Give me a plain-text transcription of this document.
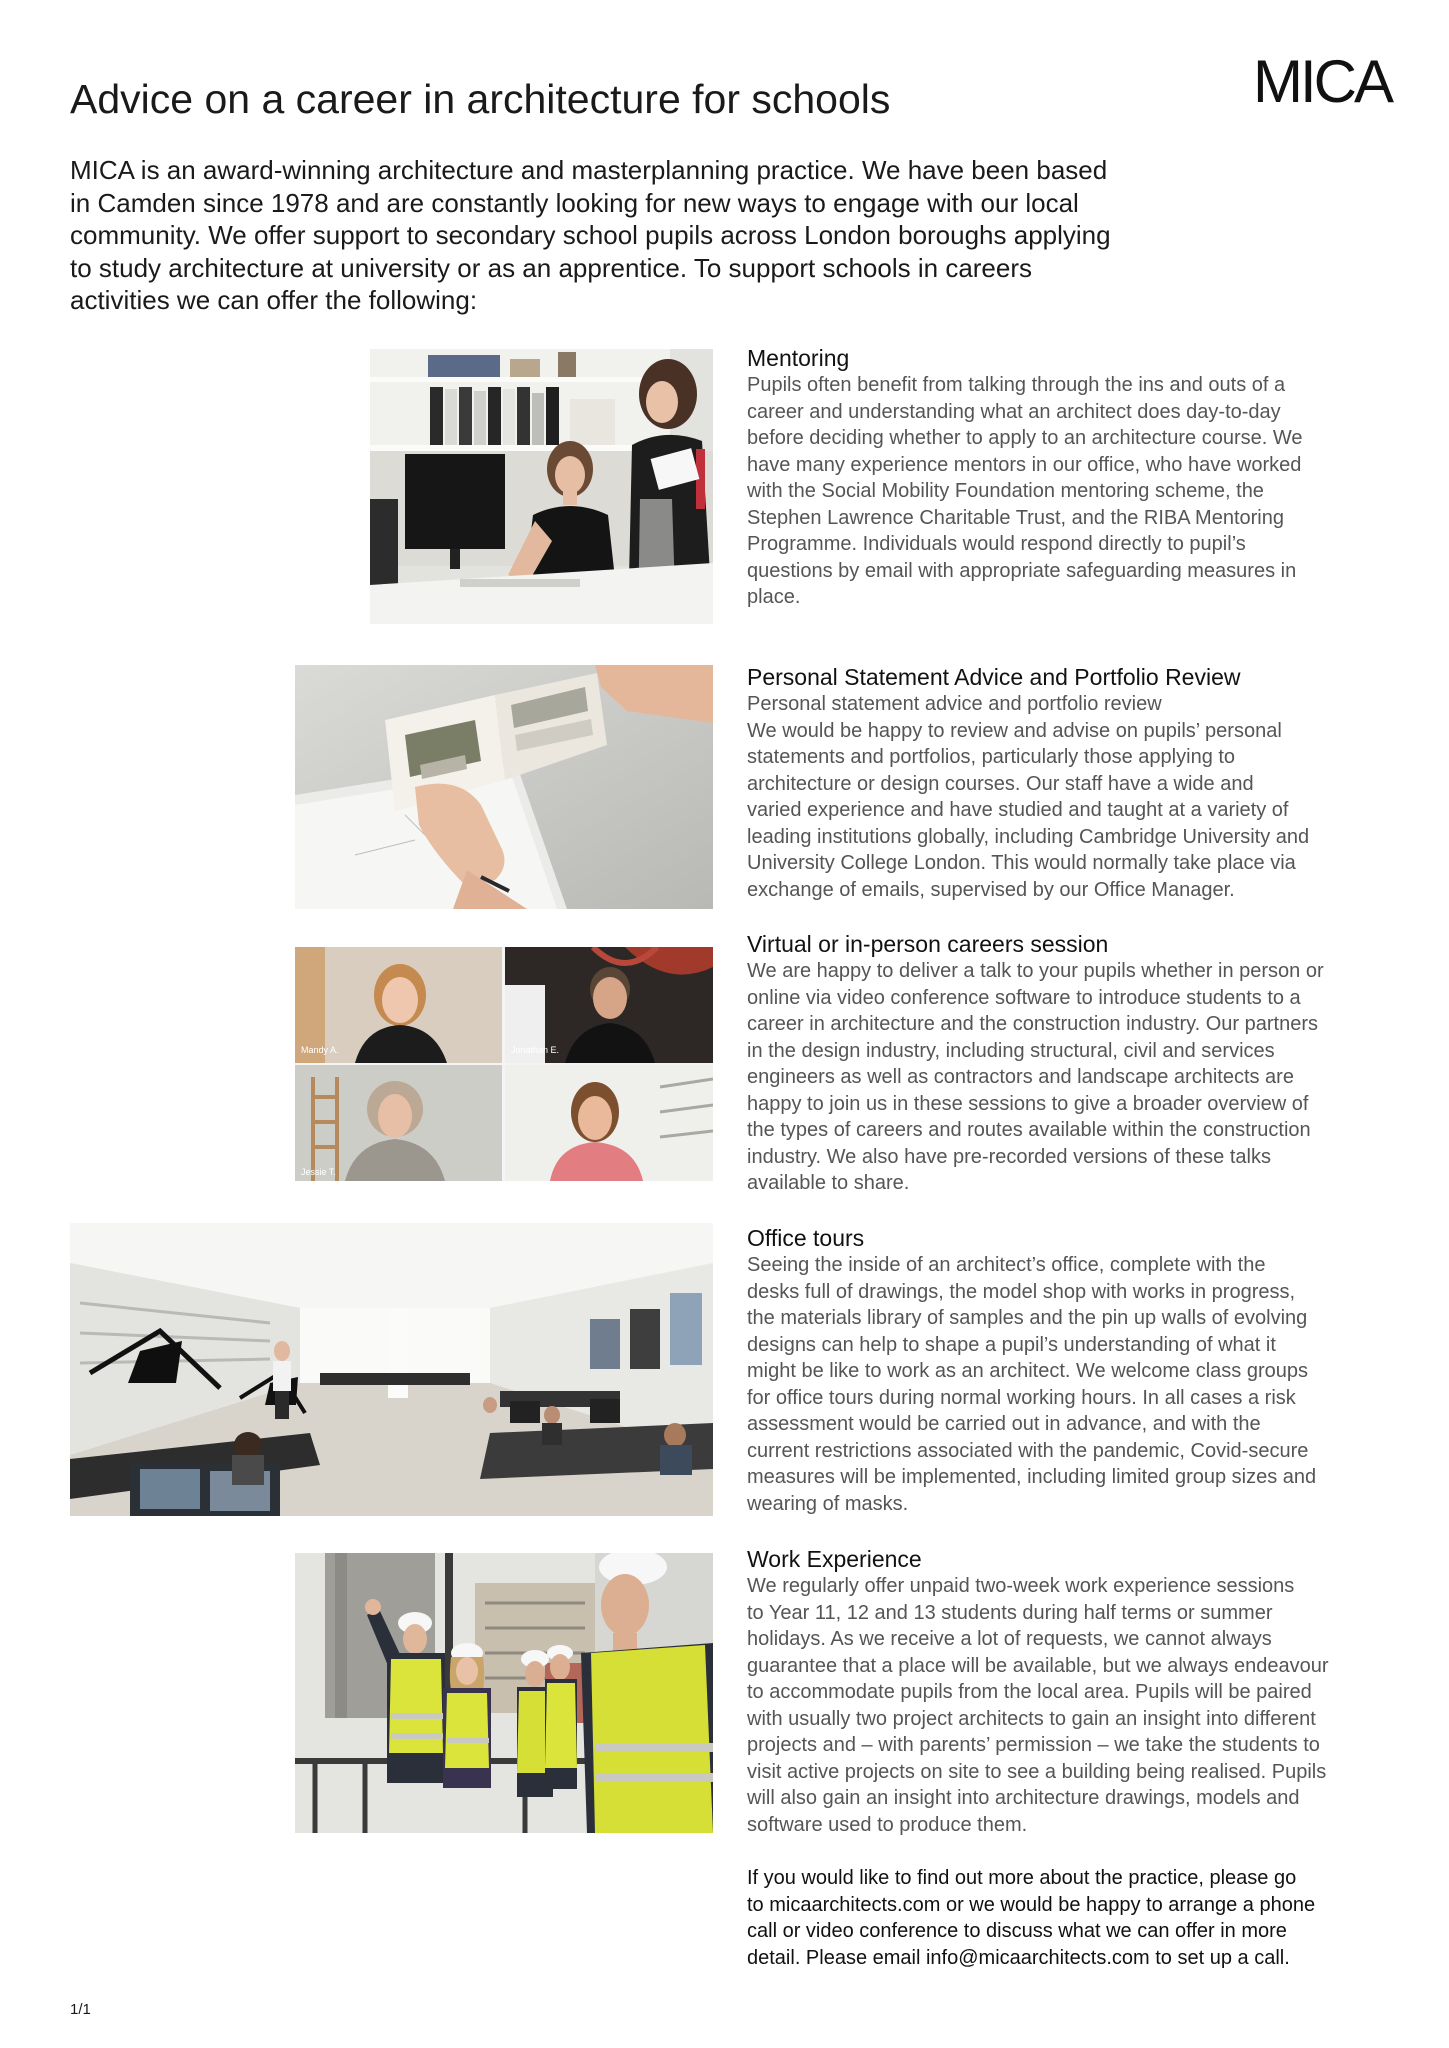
MICA
Advice on a career in architecture for schools
MICA is an award-winning architecture and masterplanning practice. We have been based
in Camden since 1978 and are constantly looking for new ways to engage with our local
community. We offer support to secondary school pupils across London boroughs applying
to study architecture at university or as an apprentice. To support schools in careers
activities we can offer the following:
Mandy A.	Jonathan E.
Jessie T.
Mentoring
Pupils often benefit from talking through the ins and outs of a
career and understanding what an architect does day-to-day
before deciding whether to apply to an architecture course. We
have many experience mentors in our office, who have worked
with the Social Mobility Foundation mentoring scheme, the
Stephen Lawrence Charitable Trust, and the RIBA Mentoring
Programme. Individuals would respond directly to pupil’s
questions by email with appropriate safeguarding measures in
place.
Personal Statement Advice and Portfolio Review
Personal statement advice and portfolio review
We would be happy to review and advise on pupils’ personal
statements and portfolios, particularly those applying to
architecture or design courses. Our staff have a wide and
varied experience and have studied and taught at a variety of
leading institutions globally, including Cambridge University and
University College London. This would normally take place via
exchange of emails, supervised by our Office Manager.
Virtual or in-person careers session
We are happy to deliver a talk to your pupils whether in person or
online via video conference software to introduce students to a
career in architecture and the construction industry. Our partners
in the design industry, including structural, civil and services
engineers as well as contractors and landscape architects are
happy to join us in these sessions to give a broader overview of
the types of careers and routes available within the construction
industry. We also have pre-recorded versions of these talks
available to share.
Office tours
Seeing the inside of an architect’s office, complete with the
desks full of drawings, the model shop with works in progress,
the materials library of samples and the pin up walls of evolving
designs can help to shape a pupil’s understanding of what it
might be like to work as an architect. We welcome class groups
for office tours during normal working hours. In all cases a risk
assessment would be carried out in advance, and with the
current restrictions associated with the pandemic, Covid-secure
measures will be implemented, including limited group sizes and
wearing of masks.
Work Experience
We regularly offer unpaid two-week work experience sessions
to Year 11, 12 and 13 students during half terms or summer
holidays. As we receive a lot of requests, we cannot always
guarantee that a place will be available, but we always endeavour
to accommodate pupils from the local area. Pupils will be paired
with usually two project architects to gain an insight into different
projects and – with parents’ permission – we take the students to
visit active projects on site to see a building being realised. Pupils
will also gain an insight into architecture drawings, models and
software used to produce them.
If you would like to find out more about the practice, please go
to micaarchitects.com or we would be happy to arrange a phone
call or video conference to discuss what we can offer in more
detail. Please email info@micaarchitects.com to set up a call.
1/1
